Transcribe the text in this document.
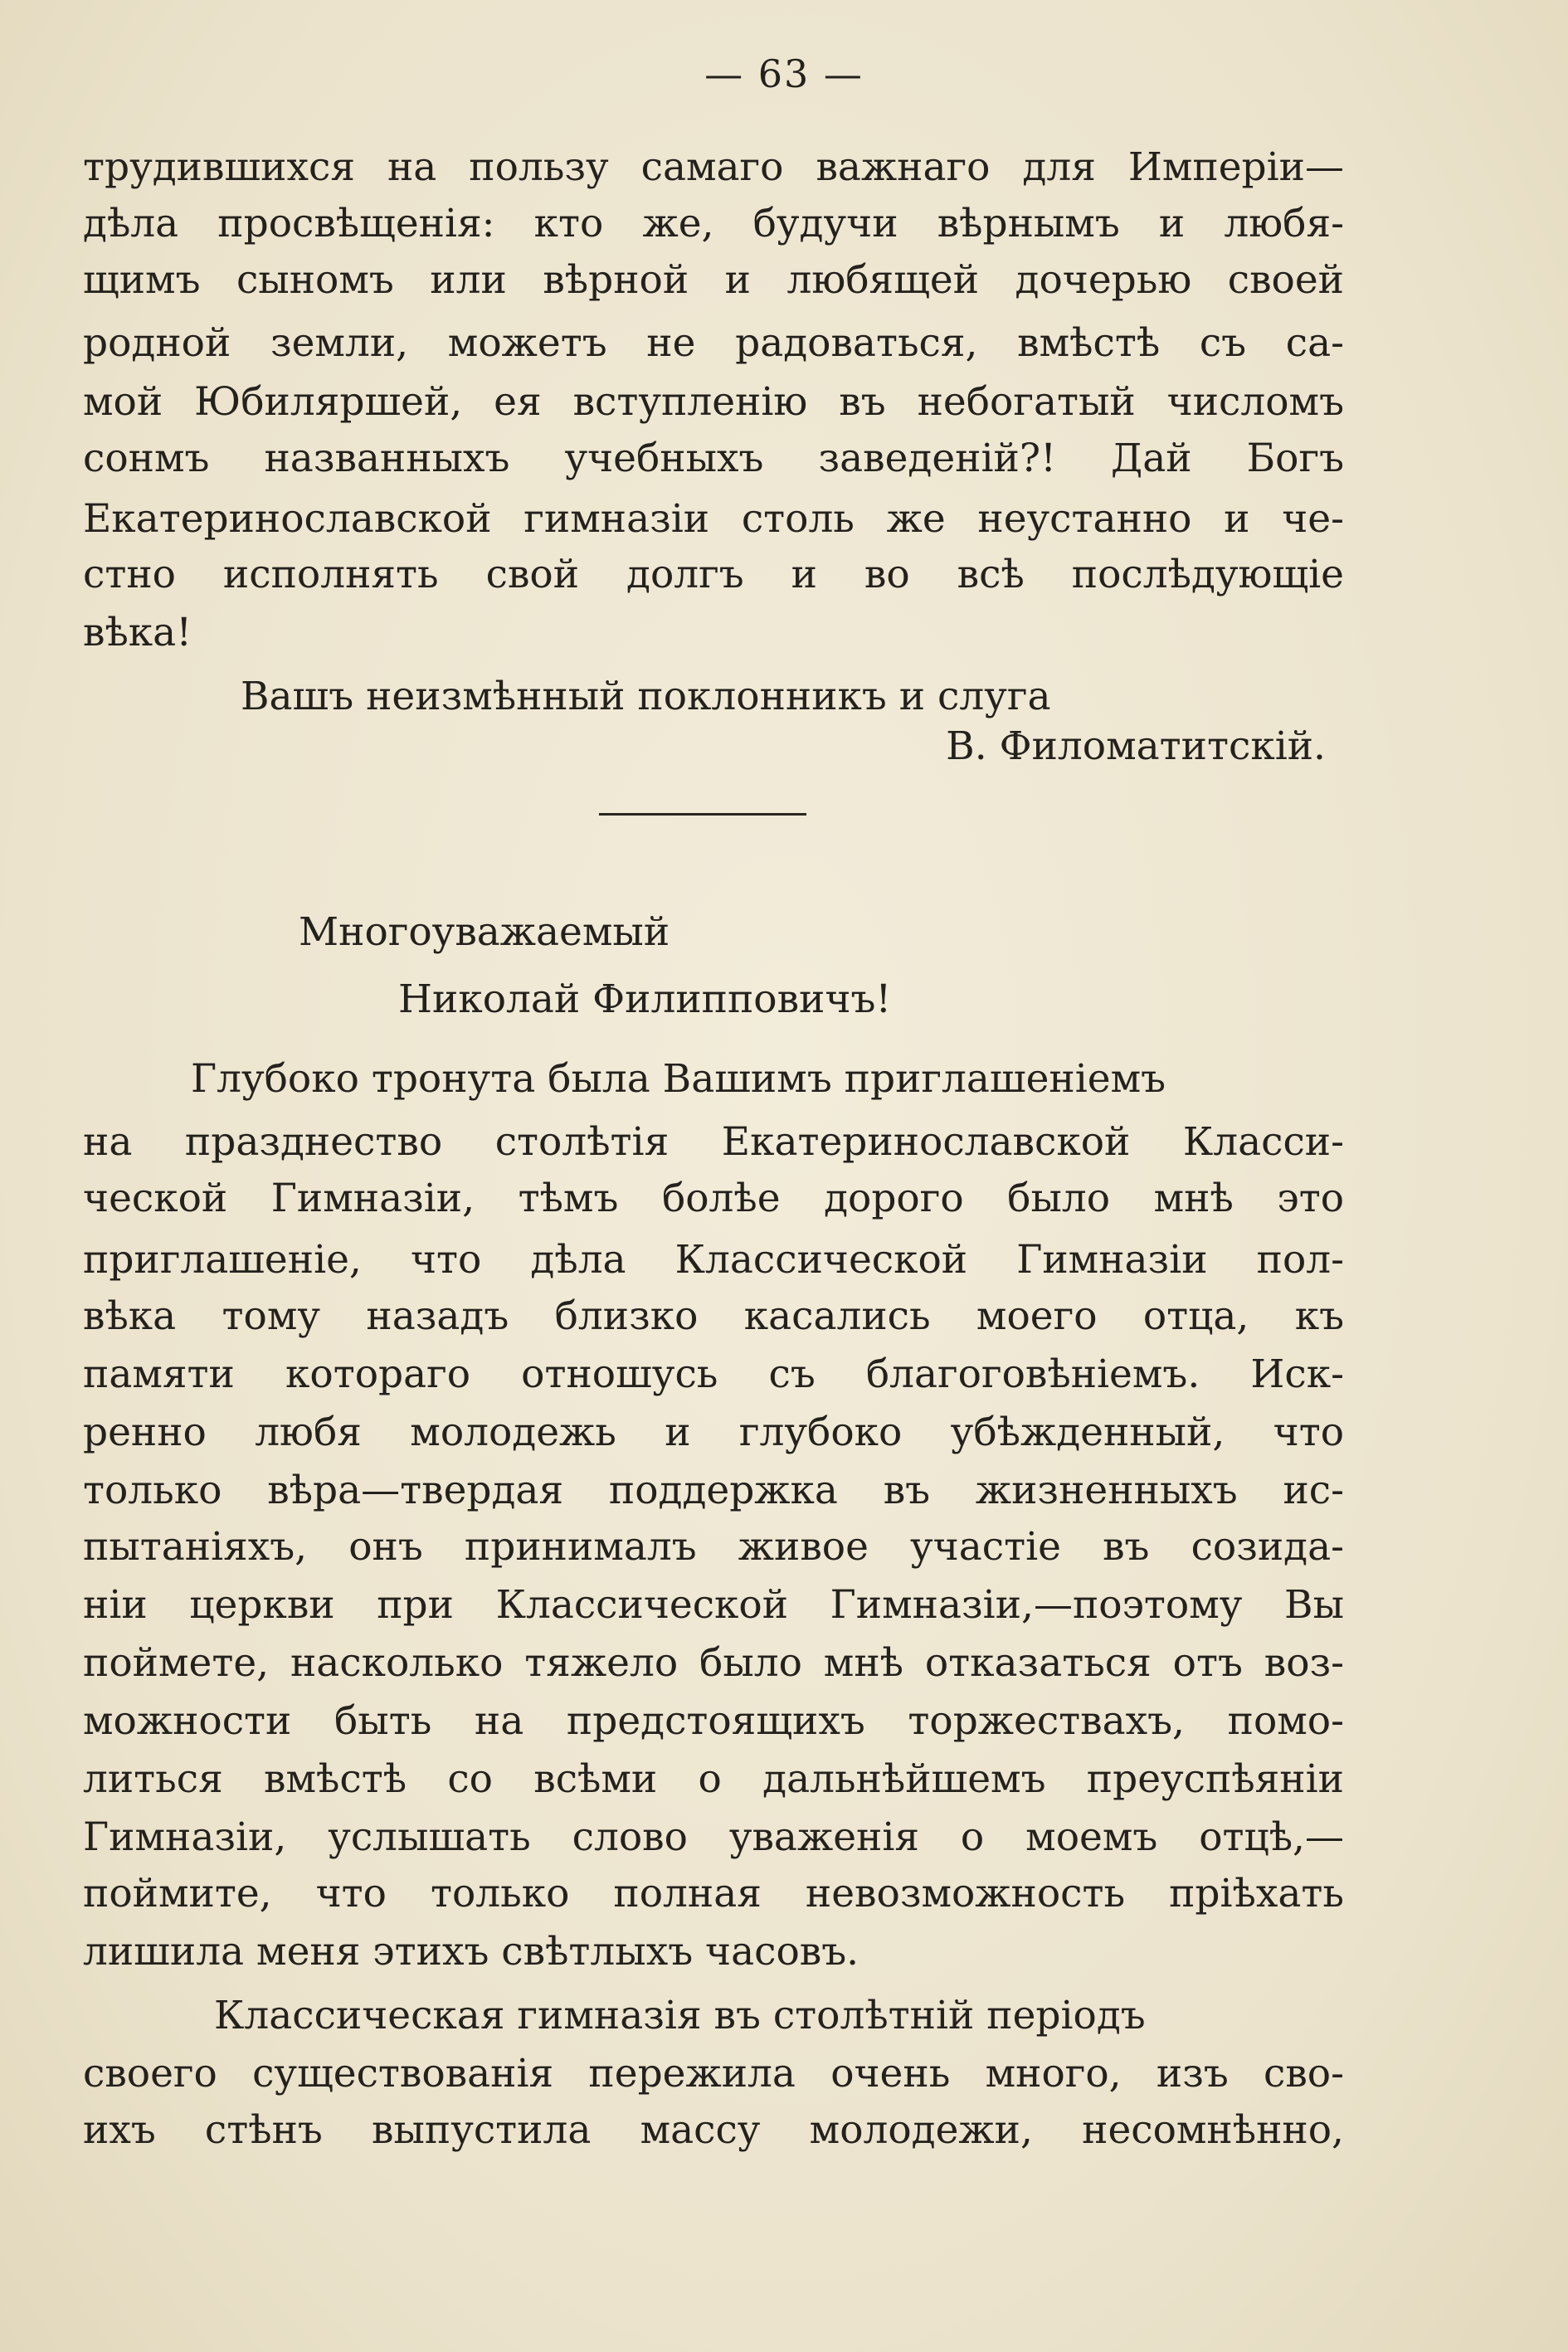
— 63 —
трудившихся на пользу самаго важнаго для Имперіи—
дѣла просвѣщенія: кто же, будучи вѣрнымъ и любя-
щимъ сыномъ или вѣрной и любящей дочерью своей
родной земли, можетъ не радоваться, вмѣстѣ съ са-
мой Юбиляршей, ея вступленію въ небогатый числомъ
сонмъ названныхъ учебныхъ заведеній?! Дай Богъ
Екатеринославской гимназіи столь же неустанно и че-
стно исполнять свой долгъ и во всѣ послѣдующіе
вѣка!
Вашъ неизмѣнный поклонникъ и слуга
В. Филоматитскій.
Многоуважаемый
Николай Филипповичъ!
Глубоко тронута была Вашимъ приглашеніемъ
на празднество столѣтія Екатеринославской Класси-
ческой Гимназіи, тѣмъ болѣе дорого было мнѣ это
приглашеніе, что дѣла Классической Гимназіи пол-
вѣка тому назадъ близко касались моего отца, къ
памяти котораго отношусь съ благоговѣніемъ. Иск-
ренно любя молодежь и глубоко убѣжденный, что
только вѣра—твердая поддержка въ жизненныхъ ис-
пытаніяхъ, онъ принималъ живое участіе въ созида-
ніи церкви при Классической Гимназіи,—поэтому Вы
поймете, насколько тяжело было мнѣ отказаться отъ воз-
можности быть на предстоящихъ торжествахъ, помо-
литься вмѣстѣ со всѣми о дальнѣйшемъ преуспѣяніи
Гимназіи, услышать слово уваженія о моемъ отцѣ,—
поймите, что только полная невозможность пріѣхать
лишила меня этихъ свѣтлыхъ часовъ.
Классическая гимназія въ столѣтній періодъ
своего существованія пережила очень много, изъ сво-
ихъ стѣнъ выпустила массу молодежи, несомнѣнно,
